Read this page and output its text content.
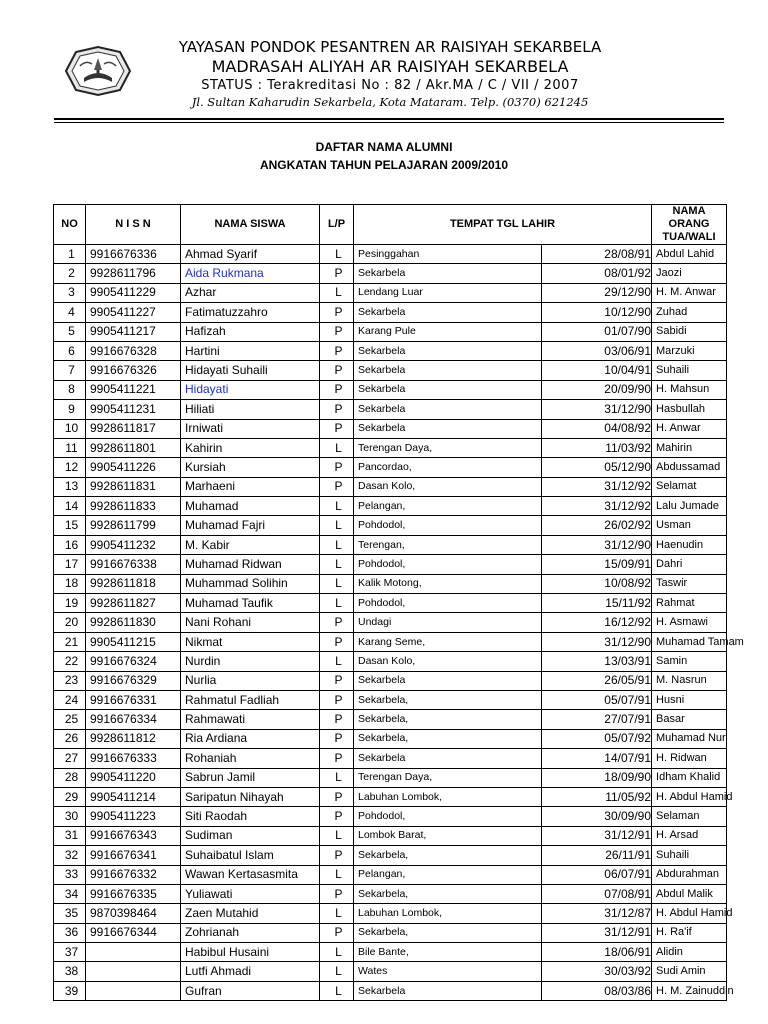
YAYASAN PONDOK PESANTREN AR RAISIYAH SEKARBELA
MADRASAH ALIYAH AR RAISIYAH SEKARBELA
STATUS : Terakreditasi No : 82 / Akr.MA / C / VII / 2007
Jl. Sultan Kaharudin Sekarbela, Kota Mataram. Telp. (0370) 621245
DAFTAR NAMA ALUMNI
ANGKATAN TAHUN PELAJARAN 2009/2010
NO	N I S N	NAMA SISWA	L/P	TEMPAT TGL LAHIR		NAMA ORANG TUA/WALI	
1	9916676336	Ahmad Syarif	L	Pesinggahan	28/08/91	Abdul Lahid	
2	9928611796	Aida Rukmana	P	Sekarbela	08/01/92	Jaozi	
3	9905411229	Azhar	L	Lendang Luar	29/12/90	H. M. Anwar	
4	9905411227	Fatimatuzzahro	P	Sekarbela	10/12/90	Zuhad	
5	9905411217	Hafizah	P	Karang Pule	01/07/90	Sabidi	
6	9916676328	Hartini	P	Sekarbela	03/06/91	Marzuki	
7	9916676326	Hidayati Suhaili	P	Sekarbela	10/04/91	Suhaili	
8	9905411221	Hidayati	P	Sekarbela	20/09/90	H. Mahsun	
9	9905411231	Hiliati	P	Sekarbela	31/12/90	Hasbullah	
10	9928611817	Irniwati	P	Sekarbela	04/08/92	H. Anwar	
11	9928611801	Kahirin	L	Terengan Daya,	11/03/92	Mahirin	
12	9905411226	Kursiah	P	Pancordao,	05/12/90	Abdussamad	
13	9928611831	Marhaeni	P	Dasan Kolo,	31/12/92	Selamat	
14	9928611833	Muhamad	L	Pelangan,	31/12/92	Lalu Jumade	
15	9928611799	Muhamad Fajri	L	Pohdodol,	26/02/92	Usman	
16	9905411232	M. Kabir	L	Terengan,	31/12/90	Haenudin	
17	9916676338	Muhamad Ridwan	L	Pohdodol,	15/09/91	Dahri	
18	9928611818	Muhammad Solihin	L	Kalik Motong,	10/08/92	Taswir	
19	9928611827	Muhamad Taufik	L	Pohdodol,	15/11/92	Rahmat	
20	9928611830	Nani Rohani	P	Undagi	16/12/92	H. Asmawi	
21	9905411215	Nikmat	P	Karang Seme,	31/12/90	Muhamad Tamam	
22	9916676324	Nurdin	L	Dasan Kolo,	13/03/91	Samin	
23	9916676329	Nurlia	P	Sekarbela	26/05/91	M. Nasrun	
24	9916676331	Rahmatul Fadliah	P	Sekarbela,	05/07/91	Husni	
25	9916676334	Rahmawati	P	Sekarbela,	27/07/91	Basar	
26	9928611812	Ria Ardiana	P	Sekarbela,	05/07/92	Muhamad Nur	
27	9916676333	Rohaniah	P	Sekarbela	14/07/91	H. Ridwan	
28	9905411220	Sabrun Jamil	L	Terengan Daya,	18/09/90	Idham Khalid	
29	9905411214	Saripatun Nihayah	P	Labuhan Lombok,	11/05/92	H. Abdul Hamid	
30	9905411223	Siti Raodah	P	Pohdodol,	30/09/90	Selaman	
31	9916676343	Sudiman	L	Lombok Barat,	31/12/91	H. Arsad	
32	9916676341	Suhaibatul Islam	P	Sekarbela,	26/11/91	Suhaili	
33	9916676332	Wawan Kertasasmita	L	Pelangan,	06/07/91	Abdurahman	
34	9916676335	Yuliawati	P	Sekarbela,	07/08/91	Abdul Malik	
35	9870398464	Zaen Mutahid	L	Labuhan Lombok,	31/12/87	H. Abdul Hamid	
36	9916676344	Zohrianah	P	Sekarbela,	31/12/91	H. Ra'if	
37		Habibul Husaini	L	Bile Bante,	18/06/91	Alidin	
38		Lutfi Ahmadi	L	Wates	30/03/92	Sudi Amin	
39		Gufran	L	Sekarbela	08/03/86	H. M. Zainuddin	
